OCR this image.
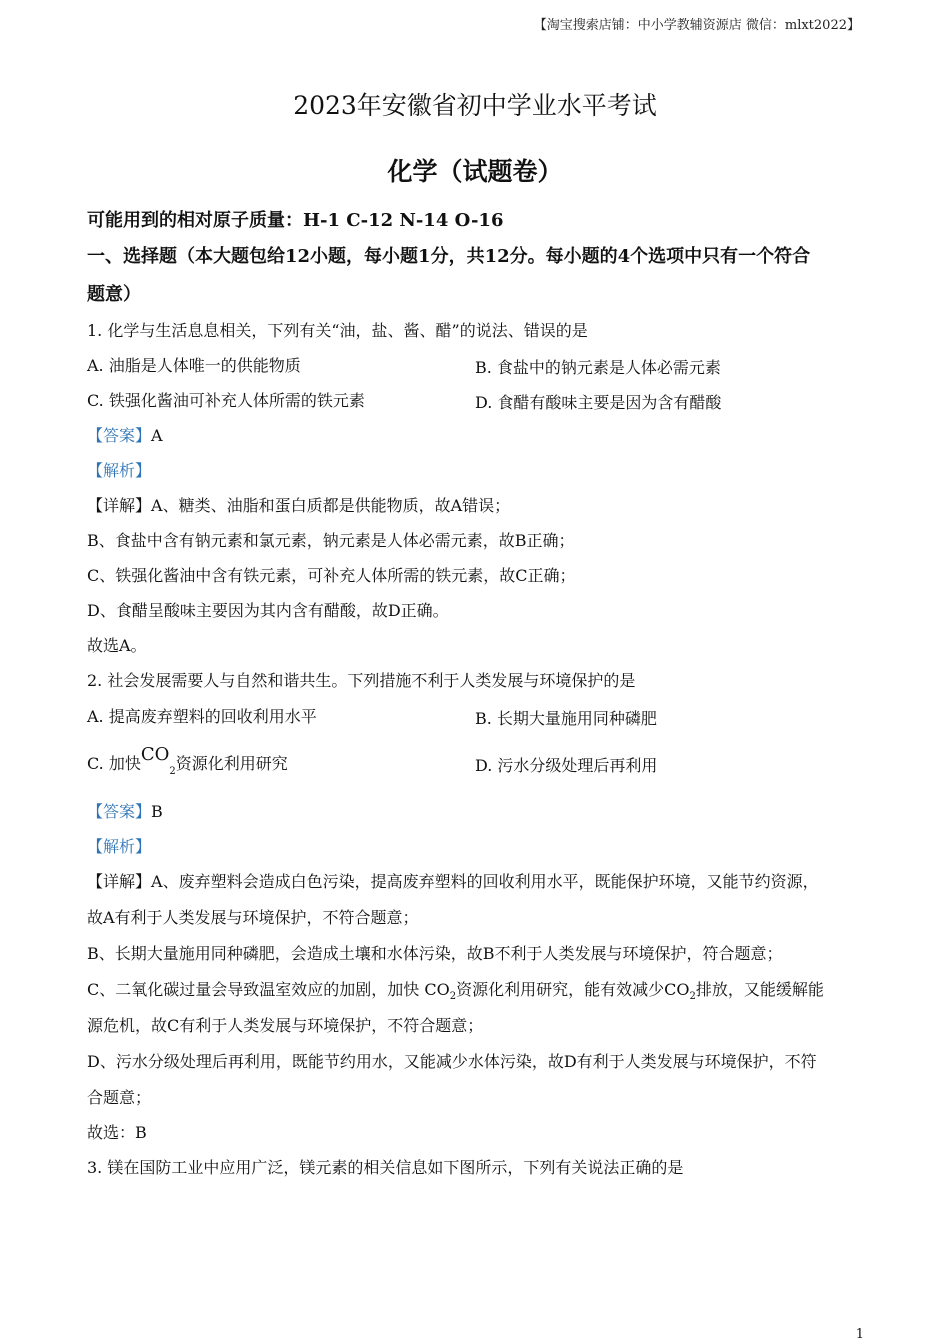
【淘宝搜索店铺：中小学教辅资源店 微信：mlxt2022】
2023年安徽省初中学业水平考试
化学（试题卷）
可能用到的相对原子质量：H-1 C-12 N-14 O-16
一、选择题（本大题包给12小题，每小题1分，共12分。每小题的4个选项中只有一个符合
题意）
1. 化学与生活息息相关，下列有关“油，盐、酱、醋”的说法、错误的是
A. 油脂是人体唯一的供能物质	B. 食盐中的钠元素是人体必需元素
C. 铁强化酱油可补充人体所需的铁元素	D. 食醋有酸味主要是因为含有醋酸
【答案】A
【解析】
【详解】A、糖类、油脂和蛋白质都是供能物质，故A错误；
B、食盐中含有钠元素和氯元素，钠元素是人体必需元素，故B正确；
C、铁强化酱油中含有铁元素，可补充人体所需的铁元素，故C正确；
D、食醋呈酸味主要因为其内含有醋酸，故D正确。
故选A。
2. 社会发展需要人与自然和谐共生。下列措施不利于人类发展与环境保护的是
A. 提高废弃塑料的回收利用水平	B. 长期大量施用同种磷肥
C. 加快$CO_2$资源化利用研究	D. 污水分级处理后再利用
【答案】B
【解析】
【详解】A、废弃塑料会造成白色污染，提高废弃塑料的回收利用水平，既能保护环境，又能节约资源，
故A有利于人类发展与环境保护，不符合题意；
B、长期大量施用同种磷肥，会造成土壤和水体污染，故B不利于人类发展与环境保护，符合题意；
C、二氧化碳过量会导致温室效应的加剧，加快 $CO_2$资源化利用研究，能有效减少$CO_2$排放，又能缓解能
源危机，故C有利于人类发展与环境保护，不符合题意；
D、污水分级处理后再利用，既能节约用水，又能减少水体污染，故D有利于人类发展与环境保护，不符
合题意；
故选：B
3. 镁在国防工业中应用广泛，镁元素的相关信息如下图所示，下列有关说法正确的是
1
